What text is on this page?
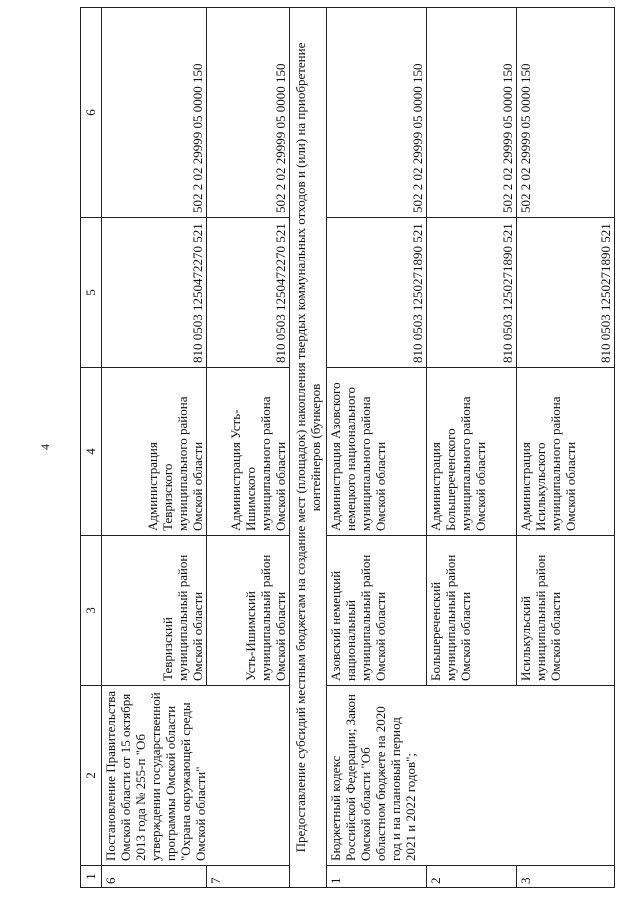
4
1	2	3	4	5	6
6	Постановление Правительства Омской области от 15 октября 2013 года № 255-п "Об утверждении государственной программы Омской области "Охрана окружающей среды Омской области"	Тевризский муниципальный район Омской области	Администрация Тевризского муниципального района Омской области	810 0503 1250472270 521	502 2 02 29999 05 0000 150
7		Усть-Ишимский муниципальный район Омской области	Администрация Усть-Ишимского муниципального района Омской области	810 0503 1250472270 521	502 2 02 29999 05 0000 150
Предоставление субсидий местным бюджетам на создание мест (площадок) накопления твердых коммунальных отходов и (или) на приобретение контейнеров (бункеров					
1	Бюджетный кодекс Российской Федерации; Закон Омской области "Об областном бюджете на 2020 год и на плановый период 2021 и 2022 годов";	Азовский немецкий национальный муниципальный район Омской области	Администрация Азовского немецкого национального муниципального района Омской области	810 0503 1250271890 521	502 2 02 29999 05 0000 150
2		Большереченский муниципальный район Омской области	Администрация Большереченского муниципального района Омской области	810 0503 1250271890 521	502 2 02 29999 05 0000 150
3		Исилькульский муниципальный район Омской области	Администрация Исилькульского муниципального района Омской области	810 0503 1250271890 521	502 2 02 29999 05 0000 150
